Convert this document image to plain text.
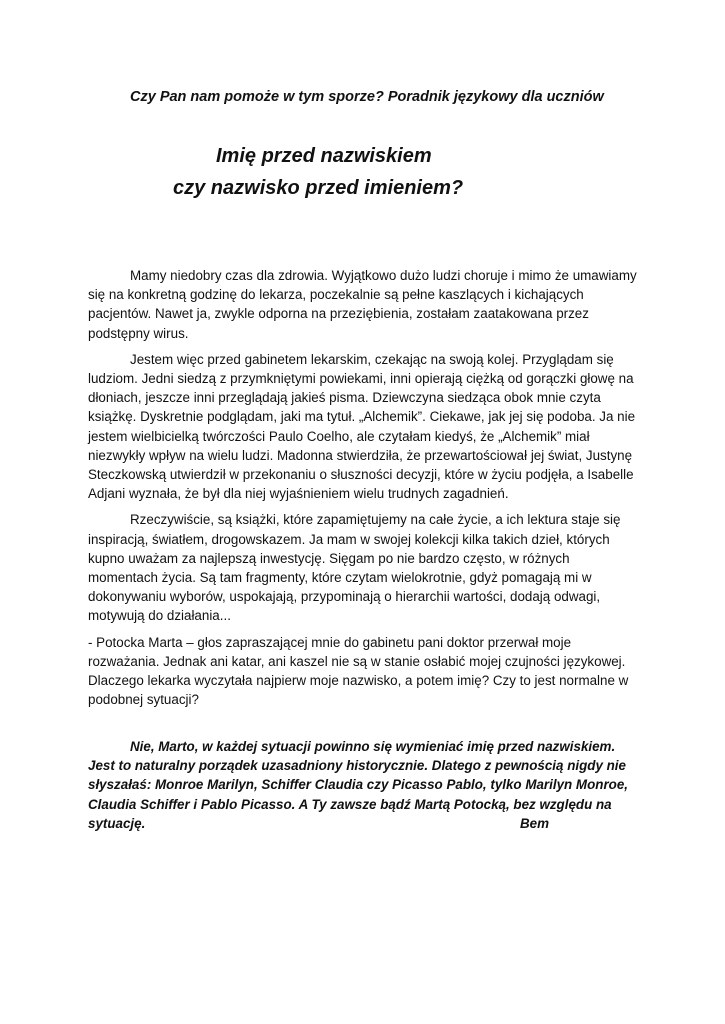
Czy Pan nam pomoże w tym sporze? Poradnik językowy dla uczniów
Imię przed nazwiskiem
czy nazwisko przed imieniem?

Mamy niedobry czas dla zdrowia. Wyjątkowo dużo ludzi choruje i mimo że umawiamy się na konkretną godzinę do lekarza, poczekalnie są pełne kaszlących i kichających pacjentów. Nawet ja, zwykle odporna na przeziębienia, zostałam zaatakowana przez podstępny wirus.

Jestem więc przed gabinetem lekarskim, czekając na swoją kolej. Przyglądam się ludziom. Jedni siedzą z przymkniętymi powiekami, inni opierają ciężką od gorączki głowę na dłoniach, jeszcze inni przeglądają jakieś pisma. Dziewczyna siedząca obok mnie czyta książkę. Dyskretnie podglądam, jaki ma tytuł. „Alchemik”. Ciekawe, jak jej się podoba. Ja nie jestem wielbicielką twórczości Paulo Coelho, ale czytałam kiedyś, że „Alchemik” miał niezwykły wpływ na wielu ludzi. Madonna stwierdziła, że przewartościował jej świat, Justynę Steczkowską utwierdził w przekonaniu o słuszności decyzji, które w życiu podjęła, a Isabelle Adjani wyznała, że był dla niej wyjaśnieniem wielu trudnych zagadnień.

Rzeczywiście, są książki, które zapamiętujemy na całe życie, a ich lektura staje się inspiracją, światłem, drogowskazem. Ja mam w swojej kolekcji kilka takich dzieł, których kupno uważam za najlepszą inwestycję. Sięgam po nie bardzo często, w różnych momentach życia. Są tam fragmenty, które czytam wielokrotnie, gdyż pomagają mi w dokonywaniu wyborów, uspokajają, przypominają o hierarchii wartości, dodają odwagi, motywują do działania...

- Potocka Marta – głos zapraszającej mnie do gabinetu pani doktor przerwał moje rozważania. Jednak ani katar, ani kaszel nie są w stanie osłabić mojej czujności językowej. Dlaczego lekarka wyczytała najpierw moje nazwisko, a potem imię? Czy to jest normalne w podobnej sytuacji?

Nie, Marto, w każdej sytuacji powinno się wymieniać imię przed nazwiskiem. Jest to naturalny porządek uzasadniony historycznie. Dlatego z pewnością nigdy nie słyszałaś: Monroe Marilyn, Schiffer Claudia czy Picasso Pablo, tylko Marilyn Monroe, Claudia Schiffer i Pablo Picasso. A Ty zawsze bądź Martą Potocką, bez względu na sytuację.	Bem
